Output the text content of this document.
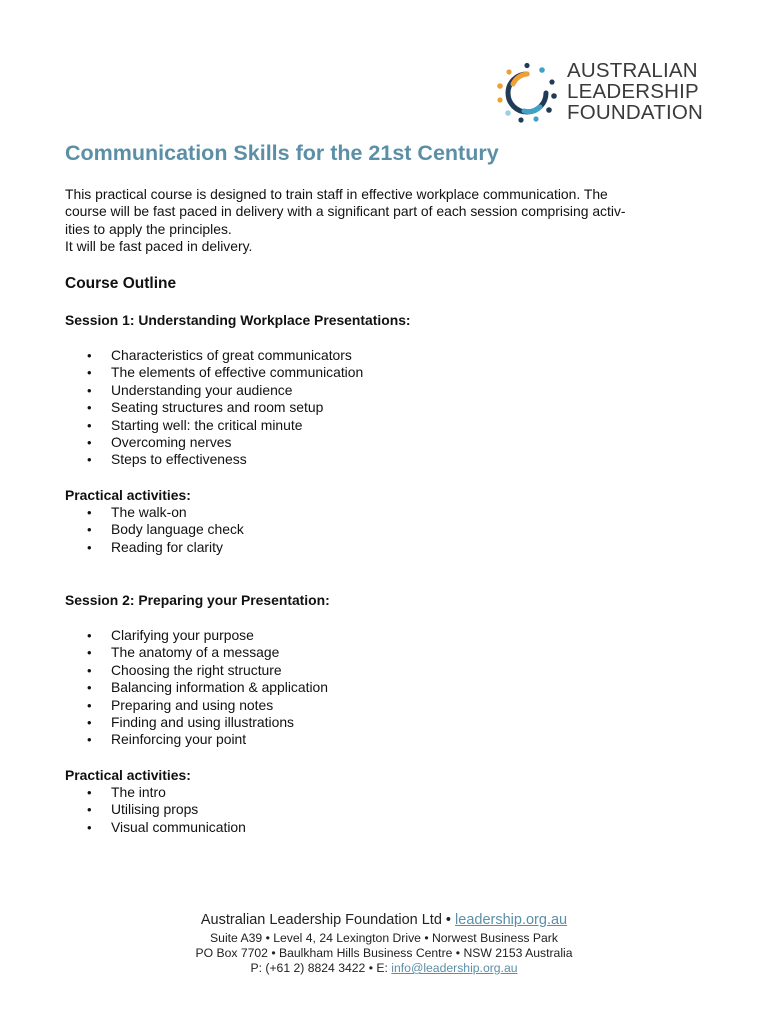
AUSTRALIAN
LEADERSHIP
FOUNDATION
Communication Skills for the 21st Century
This practical course is designed to train staff in effective workplace communication. The
course will be fast paced in delivery with a significant part of each session comprising activ-
ities to apply the principles.
It will be fast paced in delivery.
Course Outline
Session 1: Understanding Workplace Presentations:
• Characteristics of great communicators
• The elements of effective communication
• Understanding your audience
• Seating structures and room setup
• Starting well: the critical minute
• Overcoming nerves
• Steps to effectiveness
Practical activities:
• The walk-on
• Body language check
• Reading for clarity
Session 2: Preparing your Presentation:
• Clarifying your purpose
• The anatomy of a message
• Choosing the right structure
• Balancing information & application
• Preparing and using notes
• Finding and using illustrations
• Reinforcing your point
Practical activities:
• The intro
• Utilising props
• Visual communication
Australian Leadership Foundation Ltd • leadership.org.au
Suite A39 • Level 4, 24 Lexington Drive • Norwest Business Park
PO Box 7702 • Baulkham Hills Business Centre • NSW 2153 Australia
P: (+61 2) 8824 3422 • E: info@leadership.org.au
